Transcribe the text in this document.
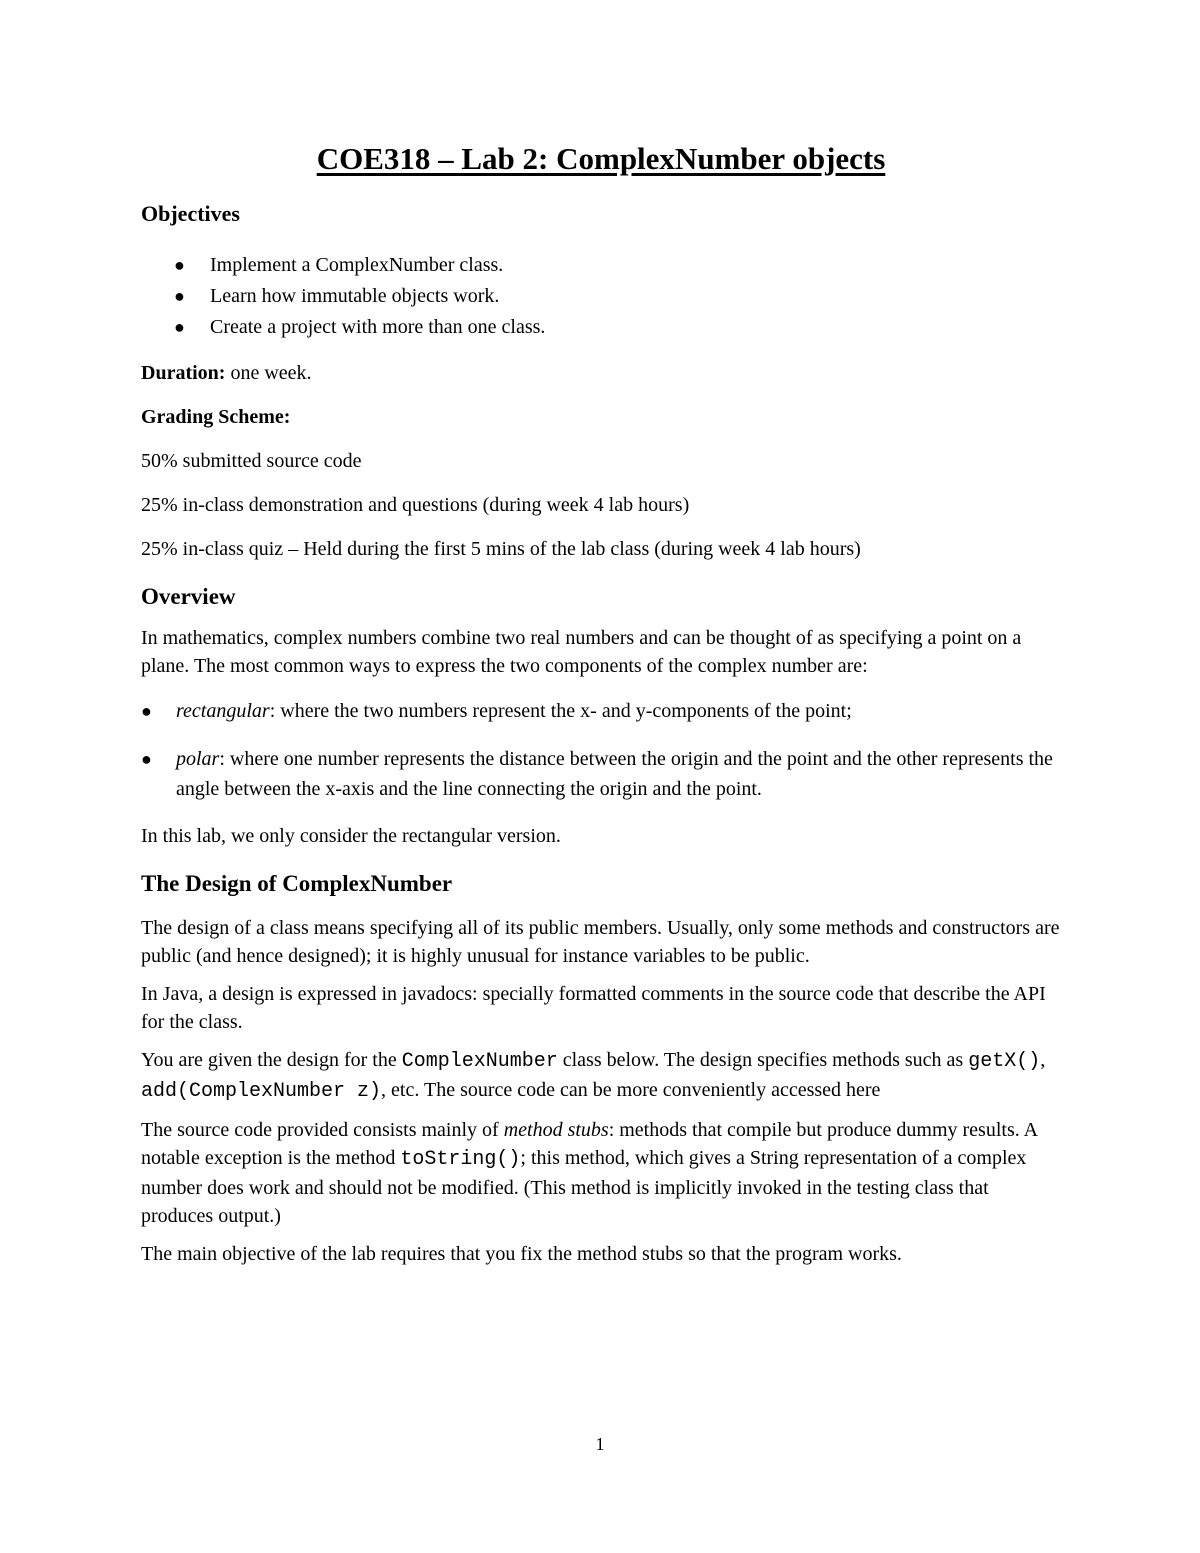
COE318 – Lab 2: ComplexNumber objects
Objectives
● Implement a ComplexNumber class.
● Learn how immutable objects work.
● Create a project with more than one class.

Duration: one week.

Grading Scheme:

50% submitted source code

25% in-class demonstration and questions (during week 4 lab hours)

25% in-class quiz – Held during the first 5 mins of the lab class (during week 4 lab hours)

Overview

In mathematics, complex numbers combine two real numbers and can be thought of as specifying a point on a plane. The most common ways to express the two components of the complex number are:

● rectangular: where the two numbers represent the x- and y-components of the point;
● polar: where one number represents the distance between the origin and the point and the other represents the angle between the x-axis and the line connecting the origin and the point.

In this lab, we only consider the rectangular version.

The Design of ComplexNumber

The design of a class means specifying all of its public members. Usually, only some methods and constructors are public (and hence designed); it is highly unusual for instance variables to be public.

In Java, a design is expressed in javadocs: specially formatted comments in the source code that describe the API for the class.

You are given the design for the ComplexNumber class below. The design specifies methods such as getX(), add(ComplexNumber z), etc. The source code can be more conveniently accessed here

The source code provided consists mainly of method stubs: methods that compile but produce dummy results. A notable exception is the method toString(); this method, which gives a String representation of a complex number does work and should not be modified. (This method is implicitly invoked in the testing class that produces output.)

The main objective of the lab requires that you fix the method stubs so that the program works.

1
